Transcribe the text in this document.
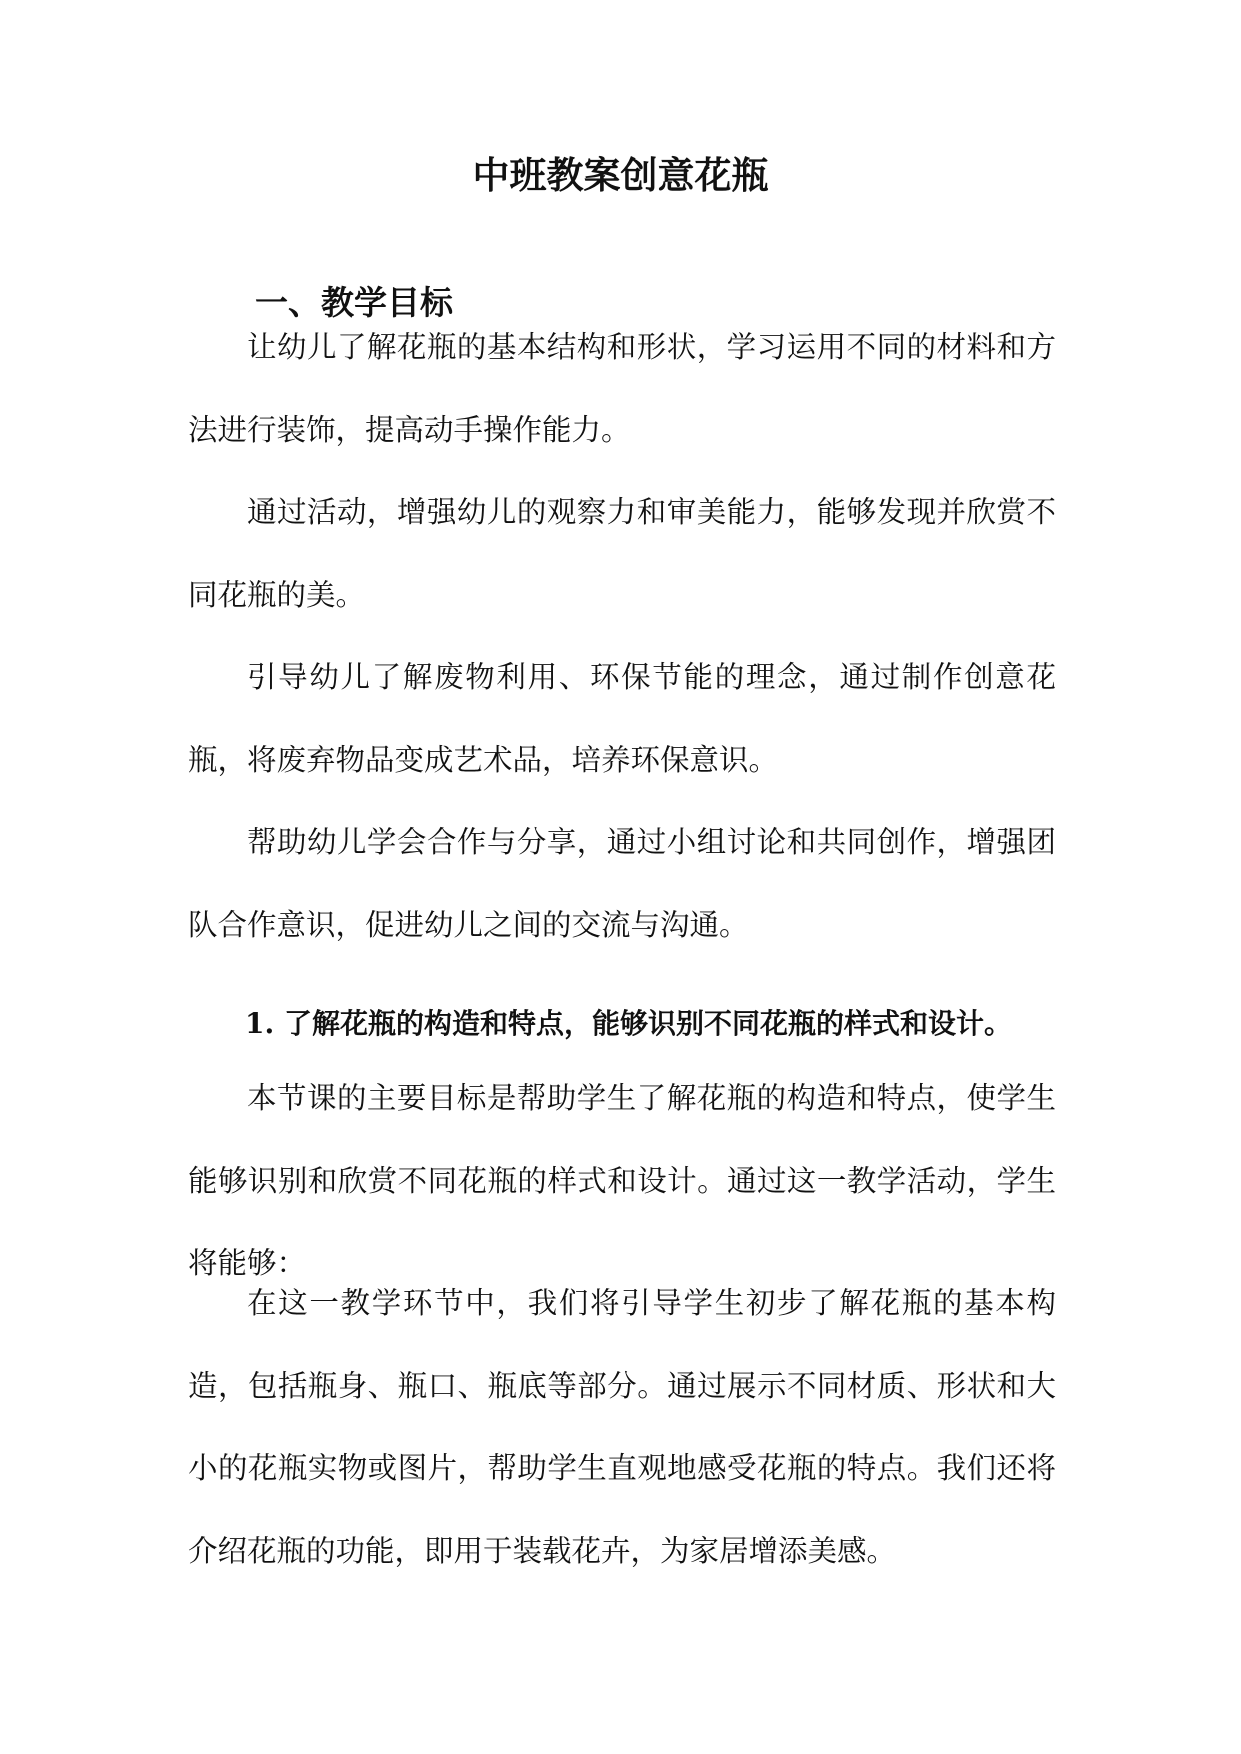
中班教案创意花瓶
一、教学目标

让幼儿了解花瓶的基本结构和形状，学习运用不同的材料和方法进行装饰，提高动手操作能力。

通过活动，增强幼儿的观察力和审美能力，能够发现并欣赏不同花瓶的美。

引导幼儿了解废物利用、环保节能的理念，通过制作创意花瓶，将废弃物品变成艺术品，培养环保意识。

帮助幼儿学会合作与分享，通过小组讨论和共同创作，增强团队合作意识，促进幼儿之间的交流与沟通。

1. 了解花瓶的构造和特点，能够识别不同花瓶的样式和设计。

本节课的主要目标是帮助学生了解花瓶的构造和特点，使学生能够识别和欣赏不同花瓶的样式和设计。通过这一教学活动，学生将能够：

在这一教学环节中，我们将引导学生初步了解花瓶的基本构造，包括瓶身、瓶口、瓶底等部分。通过展示不同材质、形状和大小的花瓶实物或图片，帮助学生直观地感受花瓶的特点。我们还将介绍花瓶的功能，即用于装载花卉，为家居增添美感。
